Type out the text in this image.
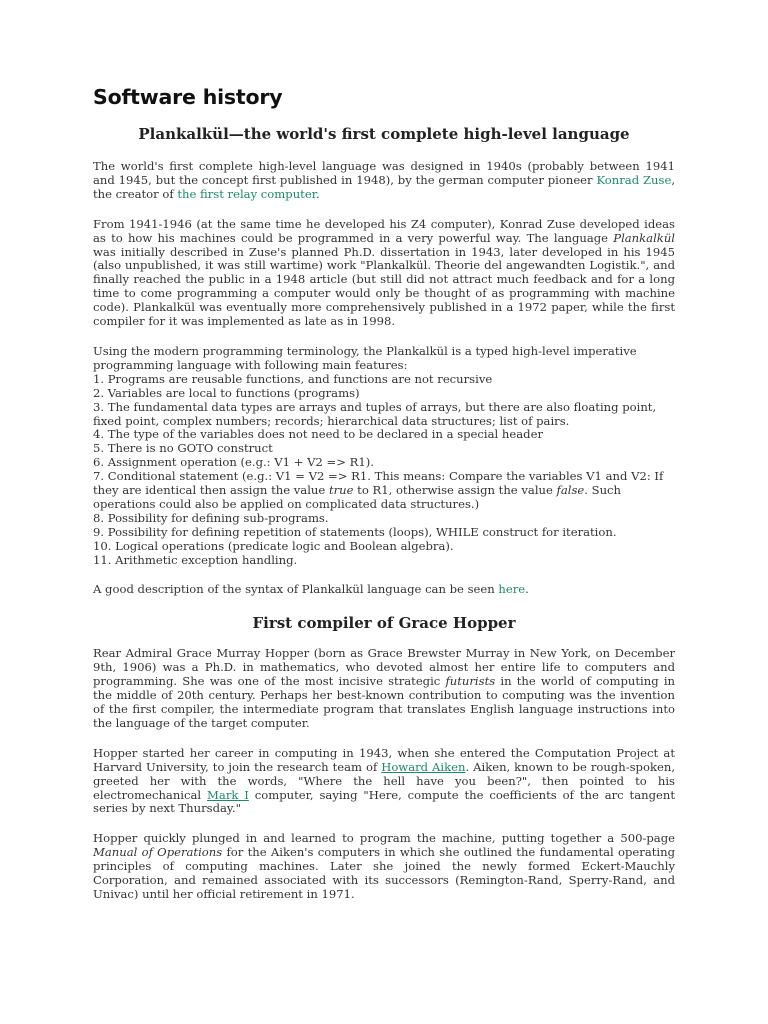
Software history
Plankalkül—the world's first complete high-level language

The world's first complete high-level language was designed in 1940s (probably between 1941 and 1945, but the concept first published in 1948), by the german computer pioneer Konrad Zuse, the creator of the first relay computer.

From 1941-1946 (at the same time he developed his Z4 computer), Konrad Zuse developed ideas as to how his machines could be programmed in a very powerful way. The language Plankalkül was initially described in Zuse's planned Ph.D. dissertation in 1943, later developed in his 1945 (also unpublished, it was still wartime) work "Plankalkül. Theorie del angewandten Logistik.", and finally reached the public in a 1948 article (but still did not attract much feedback and for a long time to come programming a computer would only be thought of as programming with machine code). Plankalkül was eventually more comprehensively published in a 1972 paper, while the first compiler for it was implemented as late as in 1998.

Using the modern programming terminology, the Plankalkül is a typed high-level imperative programming language with following main features:

1. Programs are reusable functions, and functions are not recursive
2. Variables are local to functions (programs)
3. The fundamental data types are arrays and tuples of arrays, but there are also floating point, fixed point, complex numbers; records; hierarchical data structures; list of pairs.
4. The type of the variables does not need to be declared in a special header
5. There is no GOTO construct
6. Assignment operation (e.g.: V1 + V2 => R1).
7. Conditional statement (e.g.: V1 = V2 => R1. This means: Compare the variables V1 and V2: If they are identical then assign the value true to R1, otherwise assign the value false. Such operations could also be applied on complicated data structures.)
8. Possibility for defining sub-programs.
9. Possibility for defining repetition of statements (loops), WHILE construct for iteration.
10. Logical operations (predicate logic and Boolean algebra).
11. Arithmetic exception handling.

A good description of the syntax of Plankalkül language can be seen here.

First compiler of Grace Hopper

Rear Admiral Grace Murray Hopper (born as Grace Brewster Murray in New York, on December 9th, 1906) was a Ph.D. in mathematics, who devoted almost her entire life to computers and programming. She was one of the most incisive strategic futurists in the world of computing in the middle of 20th century. Perhaps her best-known contribution to computing was the invention of the first compiler, the intermediate program that translates English language instructions into the language of the target computer.

Hopper started her career in computing in 1943, when she entered the Computation Project at Harvard University, to join the research team of Howard Aiken. Aiken, known to be rough-spoken, greeted her with the words, "Where the hell have you been?", then pointed to his electromechanical Mark I computer, saying "Here, compute the coefficients of the arc tangent series by next Thursday."

Hopper quickly plunged in and learned to program the machine, putting together a 500-page Manual of Operations for the Aiken's computers in which she outlined the fundamental operating principles of computing machines. Later she joined the newly formed Eckert-Mauchly Corporation, and remained associated with its successors (Remington-Rand, Sperry-Rand, and Univac) until her official retirement in 1971.
